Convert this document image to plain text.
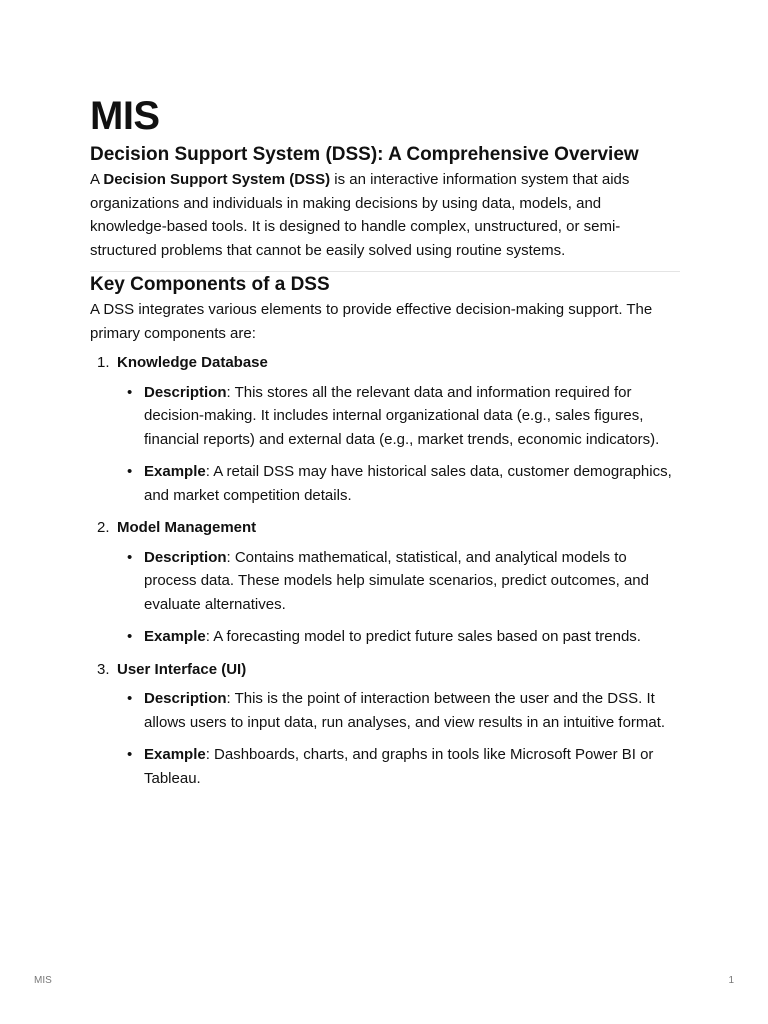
MIS
Decision Support System (DSS): A Comprehensive Overview

A Decision Support System (DSS) is an interactive information system that aids organizations and individuals in making decisions by using data, models, and knowledge-based tools. It is designed to handle complex, unstructured, or semi-structured problems that cannot be easily solved using routine systems.

Key Components of a DSS

A DSS integrates various elements to provide effective decision-making support. The primary components are:

1. Knowledge Database
• Description: This stores all the relevant data and information required for decision-making. It includes internal organizational data (e.g., sales figures, financial reports) and external data (e.g., market trends, economic indicators).
• Example: A retail DSS may have historical sales data, customer demographics, and market competition details.
2. Model Management
• Description: Contains mathematical, statistical, and analytical models to process data. These models help simulate scenarios, predict outcomes, and evaluate alternatives.
• Example: A forecasting model to predict future sales based on past trends.
3. User Interface (UI)
• Description: This is the point of interaction between the user and the DSS. It allows users to input data, run analyses, and view results in an intuitive format.
• Example: Dashboards, charts, and graphs in tools like Microsoft Power BI or Tableau.
MIS	1
